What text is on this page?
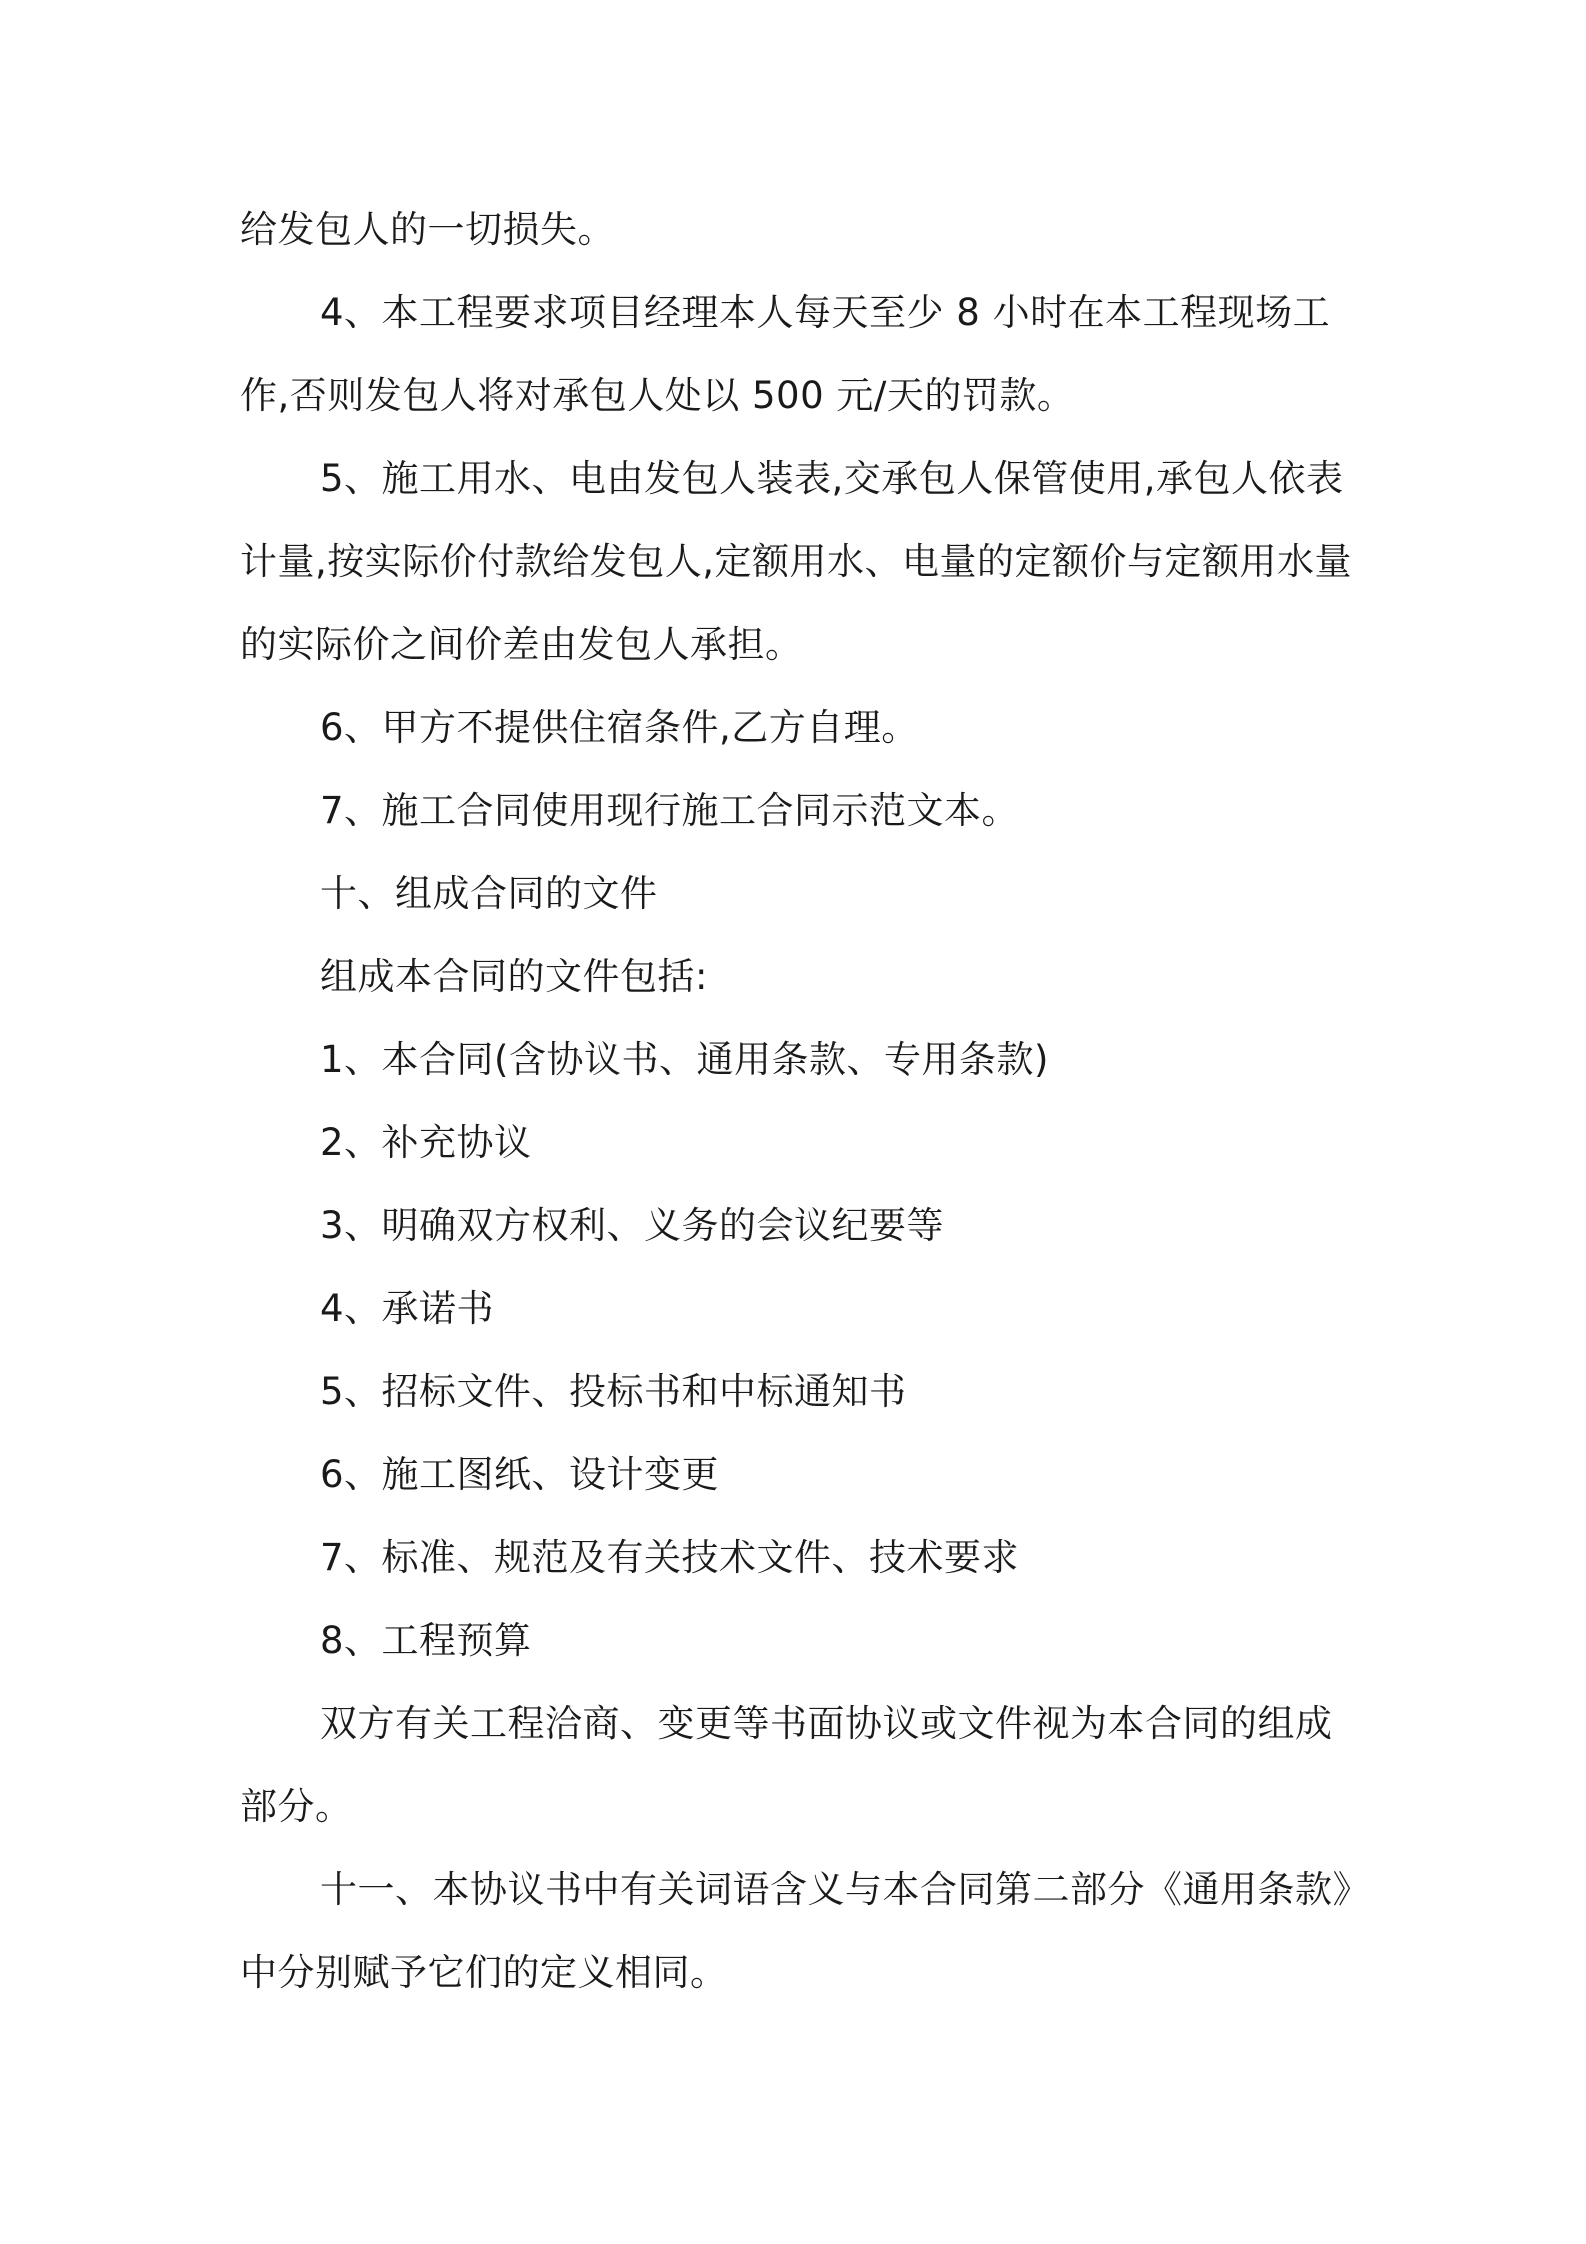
给发包人的一切损失。

4、本工程要求项目经理本人每天至少 8 小时在本工程现场工作,否则发包人将对承包人处以 500 元/天的罚款。

5、施工用水、电由发包人装表,交承包人保管使用,承包人依表计量,按实际价付款给发包人,定额用水、电量的定额价与定额用水量的实际价之间价差由发包人承担。

6、甲方不提供住宿条件,乙方自理。

7、施工合同使用现行施工合同示范文本。

十、组成合同的文件

组成本合同的文件包括:

1、本合同(含协议书、通用条款、专用条款)

2、补充协议

3、明确双方权利、义务的会议纪要等

4、承诺书

5、招标文件、投标书和中标通知书

6、施工图纸、设计变更

7、标准、规范及有关技术文件、技术要求

8、工程预算

双方有关工程洽商、变更等书面协议或文件视为本合同的组成部分。

十一、本协议书中有关词语含义与本合同第二部分《通用条款》中分别赋予它们的定义相同。
